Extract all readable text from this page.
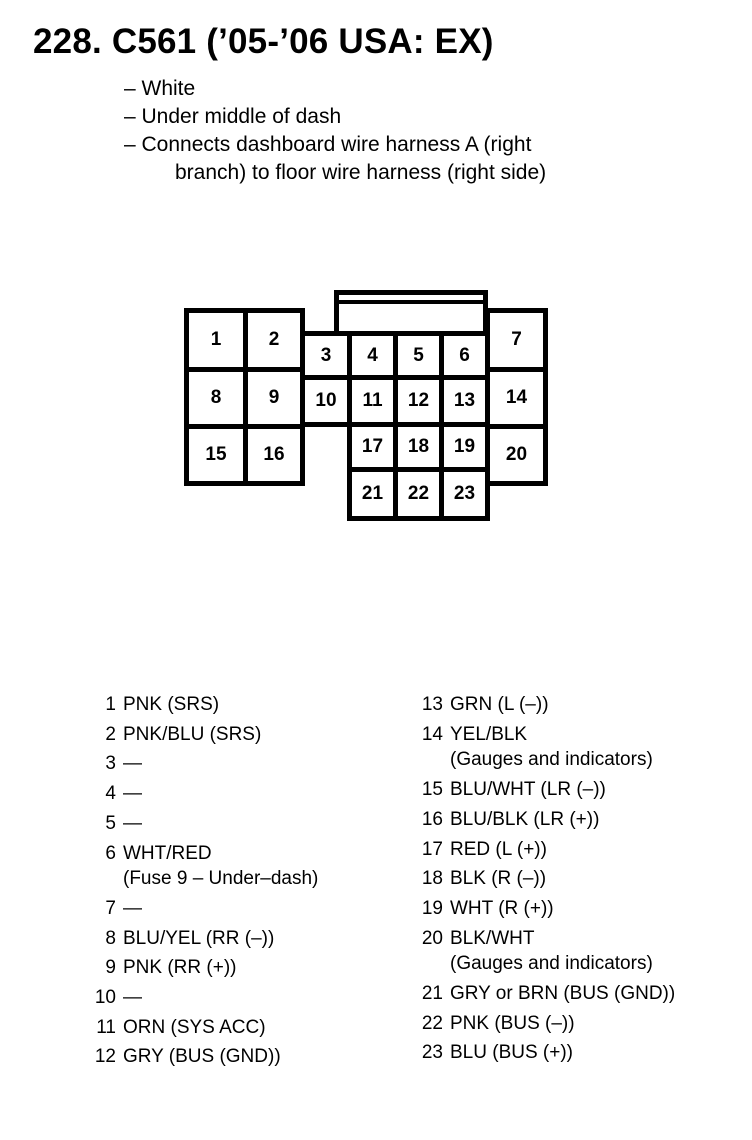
228. C561 (’05-’06 USA: EX)
– White
– Under middle of dash
– Connects dashboard wire harness A (right
branch) to floor wire harness (right side)
1	2
8	9
15	16
3	4	5	6
10	11	12	13
17	18	19
21	22	23
7
14
20
1 PNK (SRS)
2 PNK/BLU (SRS)
3 —
4 —
5 —
6 WHT/RED
(Fuse 9 – Under–dash)
7 —
8 BLU/YEL (RR (–))
9 PNK (RR (+))
10 —
11 ORN (SYS ACC)
12 GRY (BUS (GND))
13 GRN (L (–))
14 YEL/BLK
(Gauges and indicators)
15 BLU/WHT (LR (–))
16 BLU/BLK (LR (+))
17 RED (L (+))
18 BLK (R (–))
19 WHT (R (+))
20 BLK/WHT
(Gauges and indicators)
21 GRY or BRN (BUS (GND))
22 PNK (BUS (–))
23 BLU (BUS (+))
